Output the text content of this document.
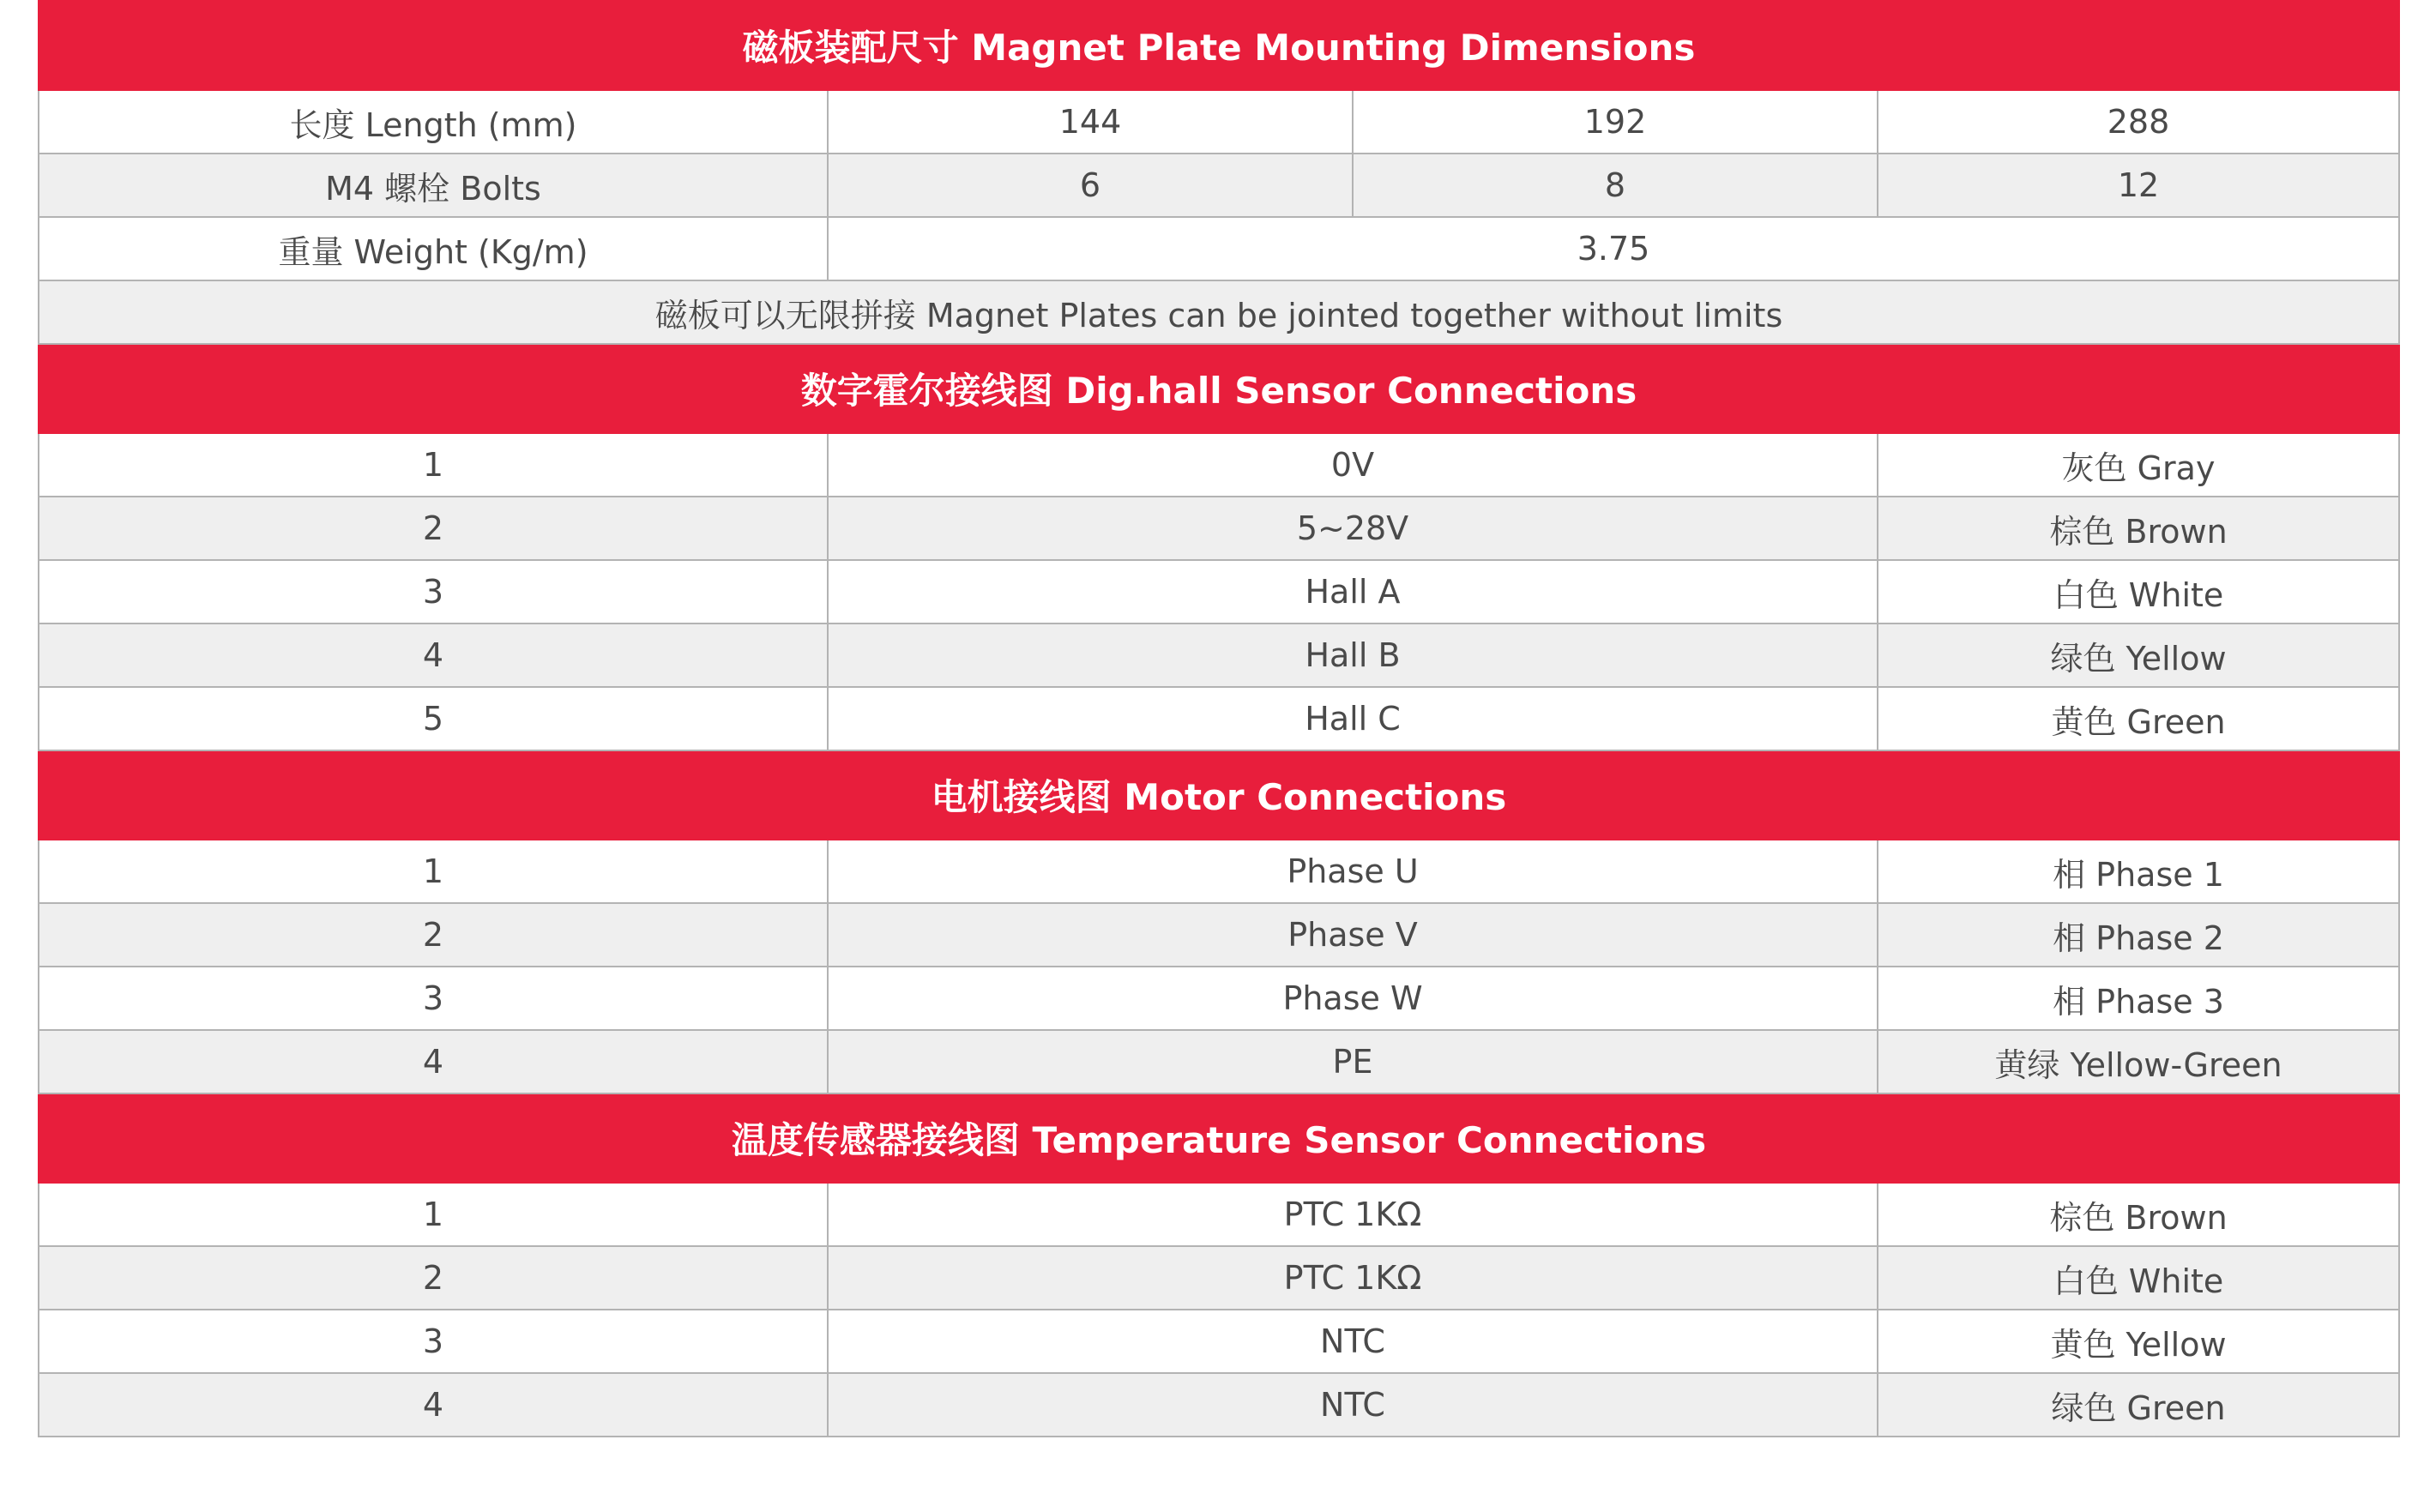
磁板装配尺寸 Magnet Plate Mounting Dimensions			
长度 Length (mm)	144	192	288
M4 螺栓 Bolts	6	8	12
重量 Weight (Kg/m)	3.75		
磁板可以无限拼接 Magnet Plates can be jointed together without limits			
数字霍尔接线图 Dig.hall Sensor Connections			
1	0V		灰色 Gray
2	5~28V		棕色 Brown
3	Hall A		白色 White
4	Hall B		绿色 Yellow
5	Hall C		黄色 Green
电机接线图 Motor Connections			
1	Phase U		相 Phase 1
2	Phase V		相 Phase 2
3	Phase W		相 Phase 3
4	PE		黄绿 Yellow-Green
温度传感器接线图 Temperature Sensor Connections			
1	PTC 1KΩ		棕色 Brown
2	PTC 1KΩ		白色 White
3	NTC		黄色 Yellow
4	NTC		绿色 Green
